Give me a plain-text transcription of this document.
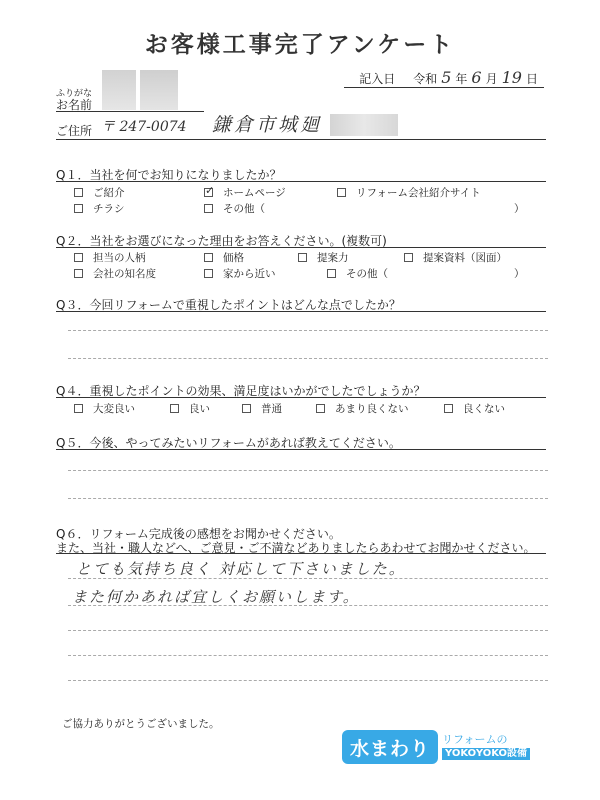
お客様工事完了アンケート
記入日 令和 5 年 6 月 19 日
ふりがな
お名前
ご住所 〒 247-0074 鎌倉市城廻
Q１．当社を何でお知りになりましたか？
ご紹介
✓	ホームページ	リフォーム会社紹介サイト
チラシ	その他（	）
Q２．当社をお選びになった理由をお答えください。(複数可)
担当の人柄	価格	提案力	提案資料（図面）
会社の知名度	家から近い	その他（	）
Q３．今回リフォームで重視したポイントはどんな点でしたか？
Q４．重視したポイントの効果、満足度はいかがでしたでしょうか？
大変良い	良い	普通	あまり良くない	良くない
Q５．今後、やってみたいリフォームがあれば教えてください。
Q６．リフォーム完成後の感想をお聞かせください。
また、当社・職人などへ、ご意見・ご不満などありましたらあわせてお聞かせください。
とても気持ち良く 対応して下さいました。
また何かあれば宜しくお願いします。
ご協力ありがとうございました。
水まわり	リフォームの
YOKOYOKO設備
